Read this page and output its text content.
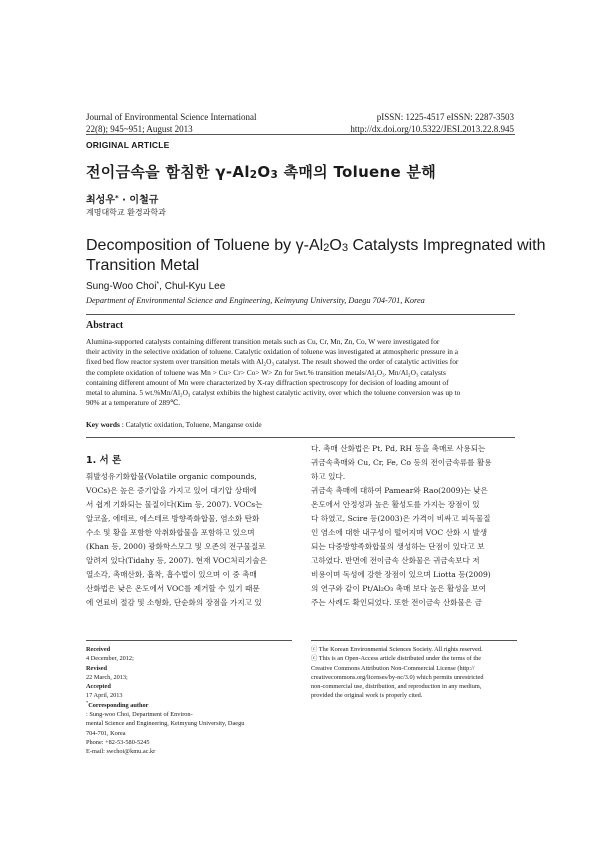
Journal of Environmental Science International
22(8); 945~951; August 2013
pISSN: 1225-4517 eISSN: 2287-3503
http://dx.doi.org/10.5322/JESI.2013.22.8.945
ORIGINAL ARTICLE
전이금속을 함침한 $\gamma-Al_2O_3$ 촉매의 Toluene 분해
최성우* · 이철규
계명대학교 환경과학과
Decomposition of Toluene by $\gamma-Al_2O_3$ Catalysts Impregnated with
Transition Metal
Sung-Woo Choi*, Chul-Kyu Lee
Department of Environmental Science and Engineering, Keimyung University, Daegu 704-701, Korea
Abstract
Alumina-supported catalysts containing different transition metals such as Cu, Cr, Mn, Zn, Co, W were investigated for
their activity in the selective oxidation of toluene. Catalytic oxidation of toluene was investigated at atmospheric pressure in a
fixed bed flow reactor system over transition metals with Al₂O₃ catalyst. The result showed the order of catalytic activities for
the complete oxidation of toluene was Mn > Cu> Cr> Co> W> Zn for 5wt.% transition metals/Al₂O₃. Mn/Al₂O₃ catalysts
containing different amount of Mn were characterized by X-ray diffraction spectroscopy for decision of loading amount of
metal to alumina. 5 wt.%Mn/Al₂O₃ catalyst exhibits the highest catalytic activity, over which the toluene conversion was up to
90% at a temperature of 289℃.
Key words : Catalytic oxidation, Toluene, Manganse oxide
1. 서 론
휘발성유기화합물(Volatile organic compounds,
VOCs)은 높은 증기압을 가지고 있어 대기압 상태에
서 쉽게 기화되는 물질이다(Kim 등, 2007). VOCs는
알코올, 에테르, 에스테르 방향족화합물, 염소화 탄화
수소 및 황을 포함한 악취화합물을 포함하고 있으며
(Khan 등, 2000) 광화학스모그 및 오존의 전구물질로
알려져 있다(Tidahy 등, 2007). 현재 VOC처리기술은
열소각, 촉매산화, 흡착, 흡수법이 있으며 이 중 촉매
산화법은 낮은 온도에서 VOC를 제거할 수 있기 때문
에 연료비 절감 및 소형화, 단순화의 장점을 가지고 있
다. 촉매 산화법은 Pt, Pd, RH 등을 촉매로 사용되는
귀금속촉매와 Cu, Cr, Fe, Co 등의 전이금속류를 활용
하고 있다.
귀금속 촉매에 대하여 Pamear와 Rao(2009)는 낮은
온도에서 안정성과 높은 활성도를 가지는 장점이 있
다 하였고, Scire 등(2003)은 가격이 비싸고 피독물질
인 염소에 대한 내구성이 떨어지며 VOC 산화 시 발생
되는 다중방향족화합물의 생성하는 단점이 있다고 보
고하였다. 반면에 전이금속 산화물은 귀금속보다 저
비용이며 독성에 강한 장점이 있으며 Liotta 등(2009)
의 연구와 같이 Pt/Al₂O₃ 촉매 보다 높은 활성을 보여
주는 사례도 확인되었다. 또한 전이금속 산화물은 금
Received
4 December, 2012;
Revised
22 March, 2013;
Accepted
17 April, 2013
*Corresponding author
: Sung-woo Choi, Department of Environ-
mental Science and Engineering, Keimyung University, Daegu
704-701, Korea
Phone: +82-53-580-5245
E-mail: swchoi@kmu.ac.kr
ⓒ The Korean Environmental Sciences Society. All rights reserved.
ⓒ This is an Open-Access article distributed under the terms of the
Creative Commons Attribution Non-Commercial License (http://
creativecommons.org/licenses/by-nc/3.0) which permits unrestricted
non-commercial use, distribution, and reproduction in any medium,
provided the original work is properly cited.
